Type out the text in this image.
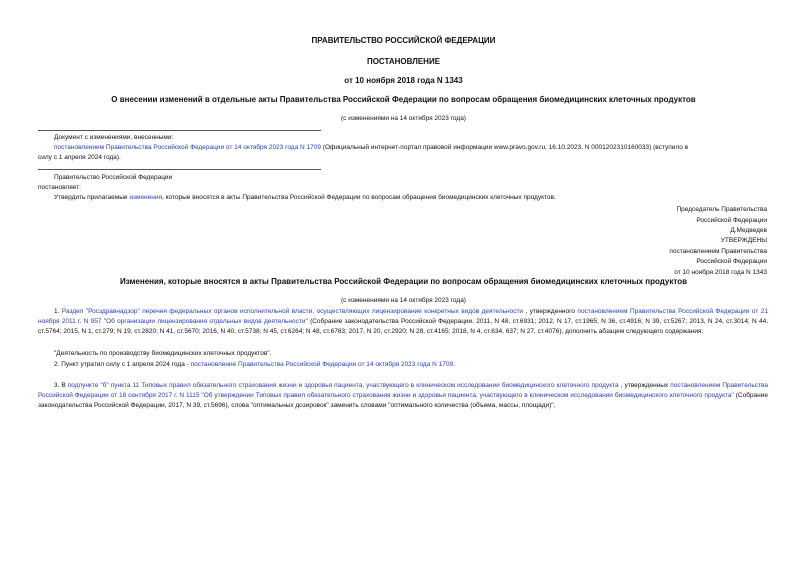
ПРАВИТЕЛЬСТВО РОССИЙСКОЙ ФЕДЕРАЦИИ
ПОСТАНОВЛЕНИЕ
от 10 ноября 2018 года N 1343
О внесении изменений в отдельные акты Правительства Российской Федерации по вопросам обращения биомедицинских клеточных продуктов
(с изменениями на 14 октября 2023 года)
Документ с изменениями, внесенными:
постановлением Правительства Российской Федерации от 14 октября 2023 года N 1709 (Официальный интернет-портал правовой информации www.pravo.gov.ru, 16.10.2023, N 0001202310160033) (вступило в
силу с 1 апреля 2024 года).
Правительство Российской Федерации
постановляет:
Утвердить прилагаемые изменения, которые вносятся в акты Правительства Российской Федерации по вопросам обращения биомедицинских клеточных продуктов.
Председатель Правительства
Российской Федерации
Д.Медведев
УТВЕРЖДЕНЫ
постановлением Правительства
Российской Федерации
от 10 ноября 2018 года N 1343
Изменения, которые вносятся в акты Правительства Российской Федерации по вопросам обращения биомедицинских клеточных продуктов
(с изменениями на 14 октября 2023 года)
1. Раздел "Росздравнадзор" перечня федеральных органов исполнительной власти, осуществляющих лицензирование конкретных видов деятельности , утвержденного постановлением Правительства Российской Федерации от 21 ноября 2011 г. N 957 "Об организации лицензирования отдельных видов деятельности" (Собрание законодательства Российской Федерации, 2011, N 48, ст.6931; 2012, N 17, ст.1965; N 36, ст.4916; N 39, ст.5267; 2013, N 24, ст.3014; N 44, ст.5764; 2015, N 1, ст.279; N 19, ст.2820; N 41, ст.5670; 2016, N 40, ст.5738; N 45, ст.6264; N 48, ст.6783; 2017, N 20, ст.2920; N 28, ст.4165; 2018, N 4, ст.634, 637; N 27, ст.4076), дополнить абзацем следующего содержания:
"Деятельность по производству биомедицинских клеточных продуктов".
2. Пункт утратил силу с 1 апреля 2024 года - постановление Правительства Российской Федерации от 14 октября 2023 года N 1709.
3. В подпункте "б" пункта 11 Типовых правил обязательного страхования жизни и здоровья пациента, участвующего в клиническом исследовании биомедицинского клеточного продукта , утвержденных постановлением Правительства Российской Федерации от 18 сентября 2017 г. N 1115 "Об утверждении Типовых правил обязательного страхования жизни и здоровья пациента, участвующего в клиническом исследовании биомедицинского клеточного продукта" (Собрание законодательства Российской Федерации, 2017, N 39, ст.5696), слова "оптимальных дозировок" заменить словами "оптимального количества (объема, массы, площади)".
